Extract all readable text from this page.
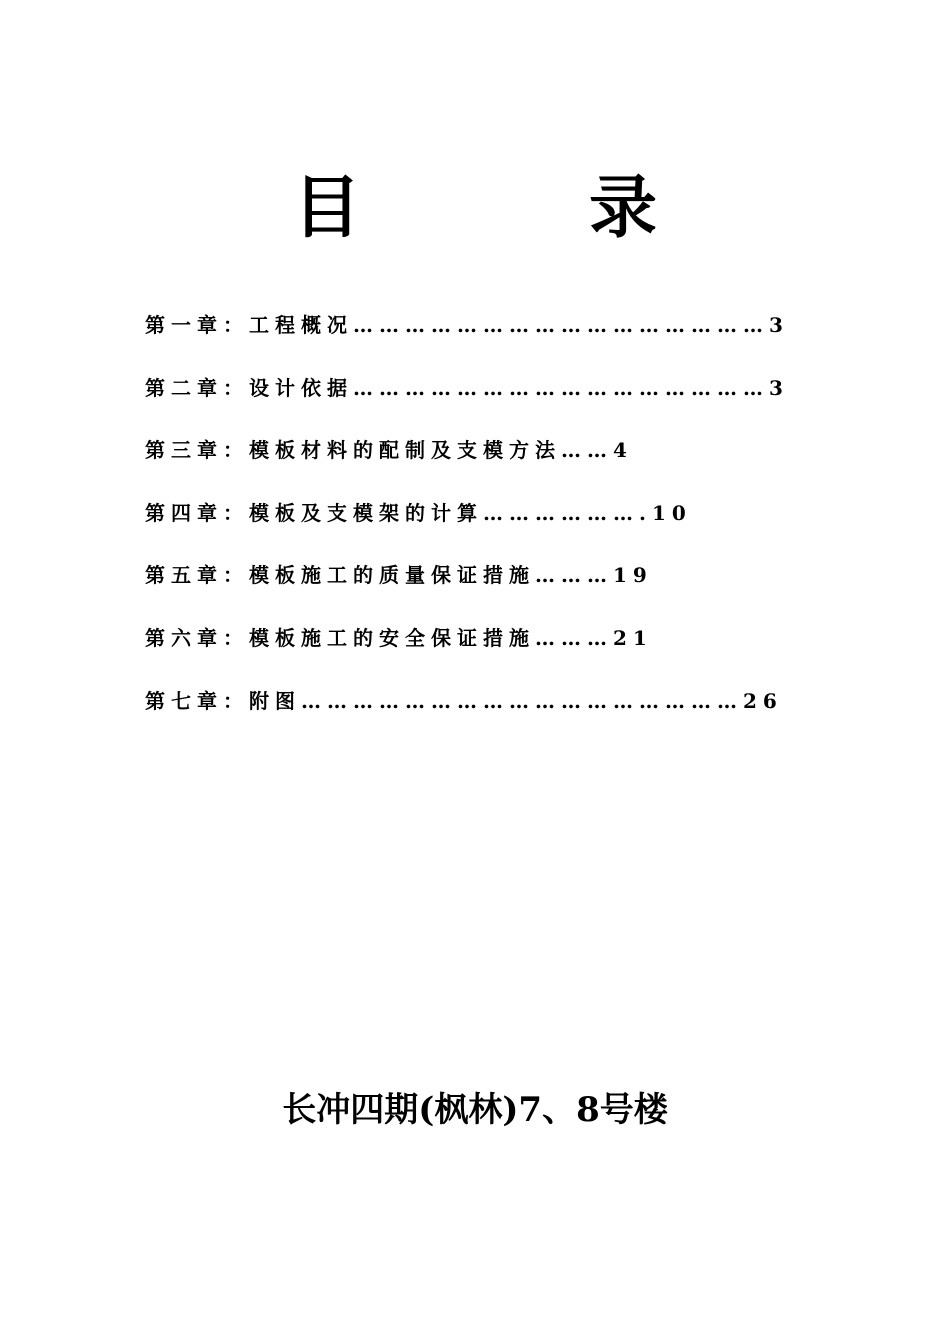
目　录
第一章：工程概况…………………………………………3
第二章：设计依据…………………………………………3
第三章：模板材料的配制及支模方法……4
第四章：模板及支模架的计算……………….10
第五章：模板施工的质量保证措施………19
第六章：模板施工的安全保证措施………21
第七章：附图……………………………………………26
长冲四期(枫林)7、8号楼
